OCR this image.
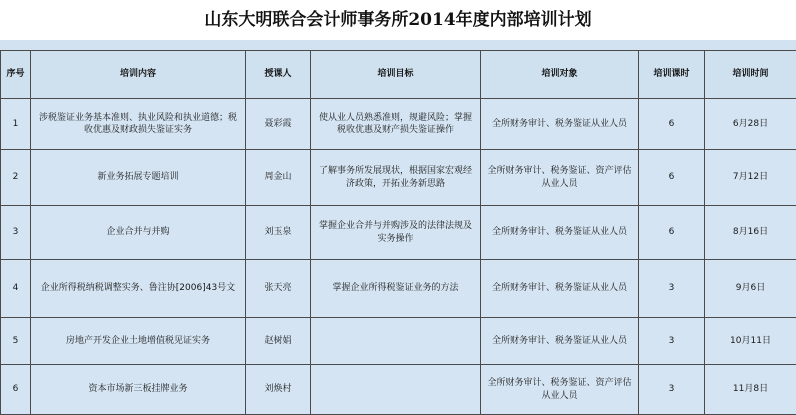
山东大明联合会计师事务所2014年度内部培训计划
序号	培训内容	授课人	培训目标	培训对象	培训课时	培训时间
1	涉税鉴证业务基本准则、执业风险和执业道德；税收优惠及财政损失鉴证实务	聂彩霞	使从业人员熟悉准则，规避风险；掌握税收优惠及财产损失鉴证操作	全所财务审计、税务鉴证从业人员	6	6月28日
2	新业务拓展专题培训	周金山	了解事务所发展现状，根据国家宏观经济政策，开拓业务新思路	全所财务审计、税务鉴证、资产评估从业人员	6	7月12日
3	企业合并与并购	刘玉泉	掌握企业合并与并购涉及的法律法规及实务操作	全所财务审计、税务鉴证从业人员	6	8月16日
4	企业所得税纳税调整实务、鲁注协[2006]43号文	张天亮	掌握企业所得税鉴证业务的方法	全所财务审计、税务鉴证从业人员	3	9月6日
5	房地产开发企业土地增值税见证实务	赵树娟		全所财务审计、税务鉴证从业人员	3	10月11日
6	资本市场新三板挂牌业务	刘焕村		全所财务审计、税务鉴证、资产评估从业人员	3	11月8日
